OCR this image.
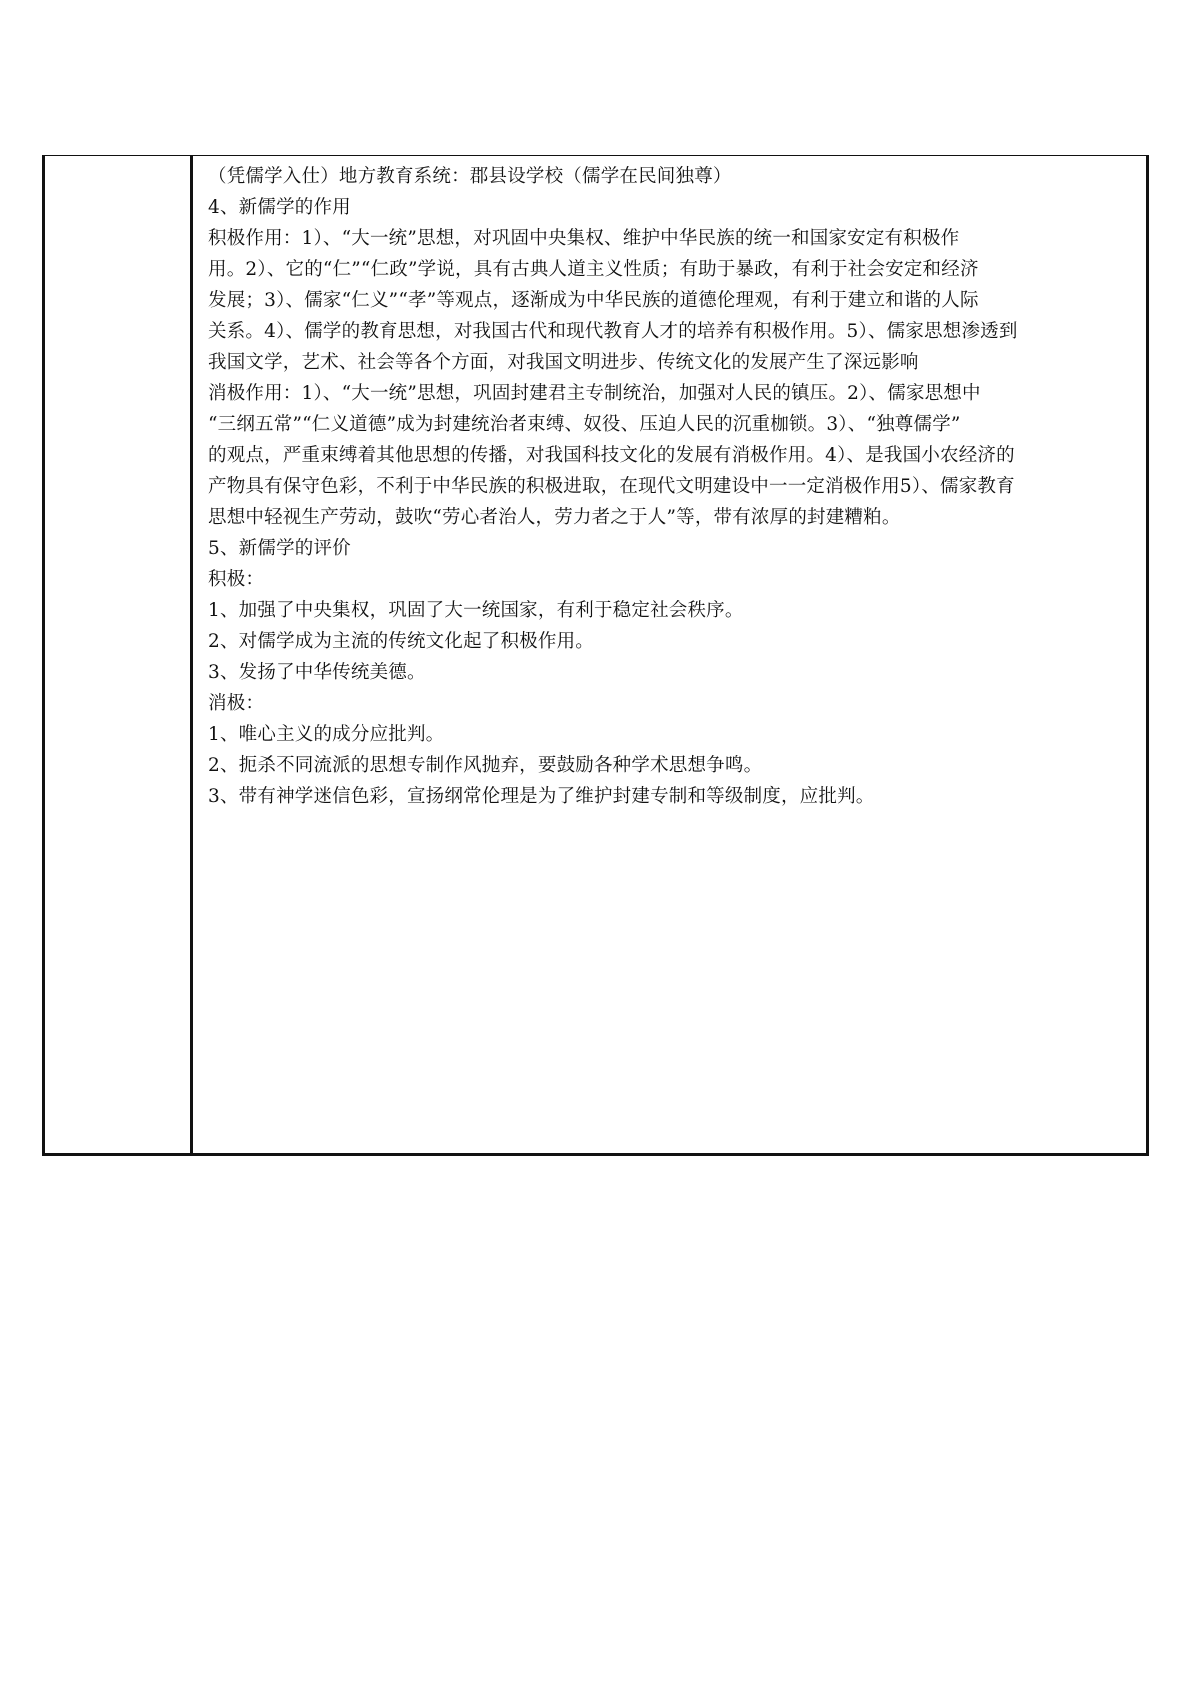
（凭儒学入仕）地方教育系统：郡县设学校（儒学在民间独尊）
4、新儒学的作用
积极作用：1）、“大一统”思想，对巩固中央集权、维护中华民族的统一和国家安定有积极作
用。2）、它的“仁”“仁政”学说，具有古典人道主义性质；有助于暴政，有利于社会安定和经济
发展；3）、儒家“仁义”“孝”等观点，逐渐成为中华民族的道德伦理观，有利于建立和谐的人际
关系。4）、儒学的教育思想，对我国古代和现代教育人才的培养有积极作用。5）、儒家思想渗透到
我国文学，艺术、社会等各个方面，对我国文明进步、传统文化的发展产生了深远影响
消极作用：1）、“大一统”思想，巩固封建君主专制统治，加强对人民的镇压。2）、儒家思想中
“三纲五常”“仁义道德”成为封建统治者束缚、奴役、压迫人民的沉重枷锁。3）、“独尊儒学”
的观点，严重束缚着其他思想的传播，对我国科技文化的发展有消极作用。4）、是我国小农经济的
产物具有保守色彩，不利于中华民族的积极进取，在现代文明建设中一一定消极作用5）、儒家教育
思想中轻视生产劳动，鼓吹“劳心者治人，劳力者之于人”等，带有浓厚的封建糟粕。
5、新儒学的评价
积极：
1、加强了中央集权，巩固了大一统国家，有利于稳定社会秩序。
2、对儒学成为主流的传统文化起了积极作用。
3、发扬了中华传统美德。
消极：
1、唯心主义的成分应批判。
2、扼杀不同流派的思想专制作风抛弃，要鼓励各种学术思想争鸣。
3、带有神学迷信色彩，宣扬纲常伦理是为了维护封建专制和等级制度，应批判。
